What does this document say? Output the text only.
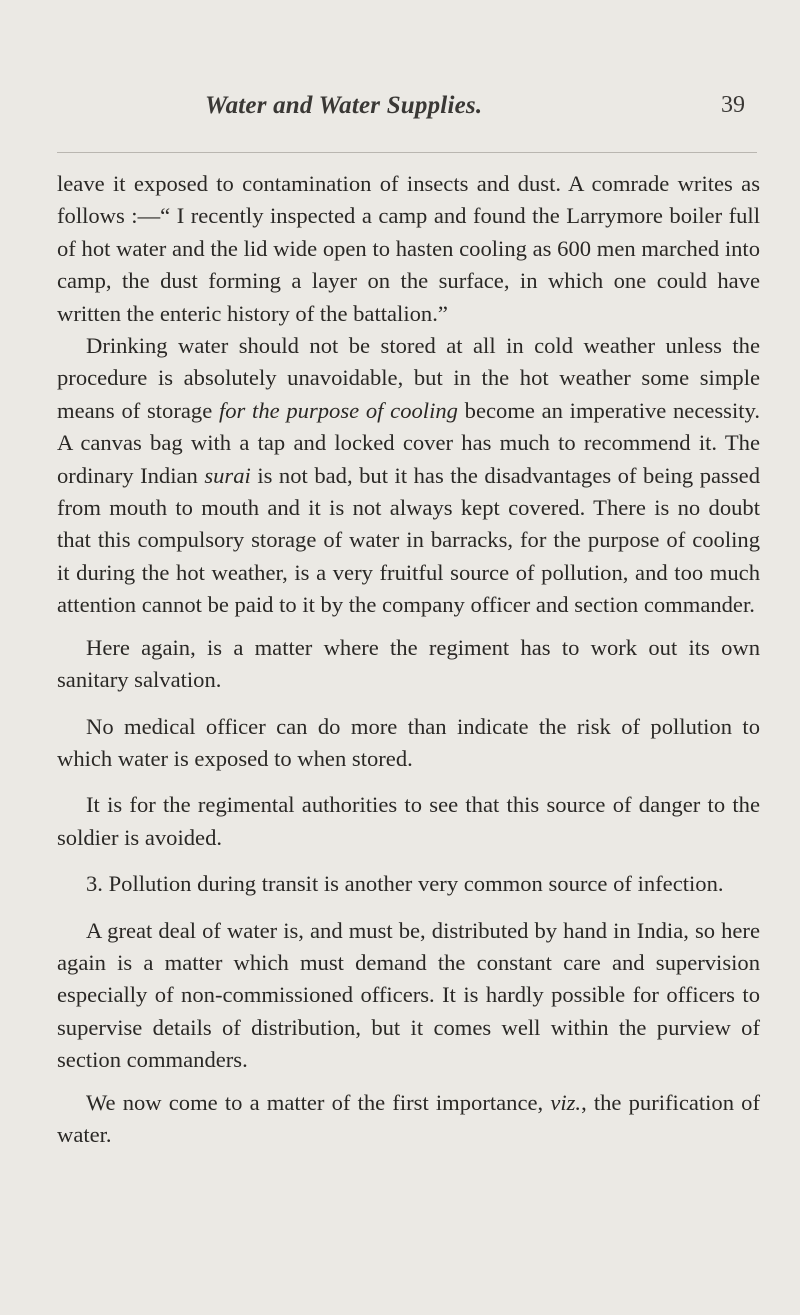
Water and Water Supplies.	39

leave it exposed to contamination of insects and dust. A comrade writes as follows :—“ I recently inspected a camp and found the Larrymore boiler full of hot water and the lid wide open to hasten cooling as 600 men marched into camp, the dust forming a layer on the surface, in which one could have written the enteric history of the battalion.”

Drinking water should not be stored at all in cold weather unless the procedure is absolutely unavoidable, but in the hot weather some simple means of storage for the purpose of cooling become an imperative necessity. A canvas bag with a tap and locked cover has much to recommend it. The ordinary Indian surai is not bad, but it has the disadvantages of being passed from mouth to mouth and it is not always kept covered. There is no doubt that this compulsory storage of water in barracks, for the purpose of cooling it during the hot weather, is a very fruitful source of pollution, and too much attention cannot be paid to it by the company officer and section commander.

Here again, is a matter where the regiment has to work out its own sanitary salvation.

No medical officer can do more than indicate the risk of pollution to which water is exposed to when stored.

It is for the regimental authorities to see that this source of danger to the soldier is avoided.

3. Pollution during transit is another very common source of infection.

A great deal of water is, and must be, distributed by hand in India, so here again is a matter which must demand the constant care and supervision especially of non-commissioned officers. It is hardly possible for officers to supervise details of distribution, but it comes well within the purview of section commanders.

We now come to a matter of the first importance, viz., the purification of water.
